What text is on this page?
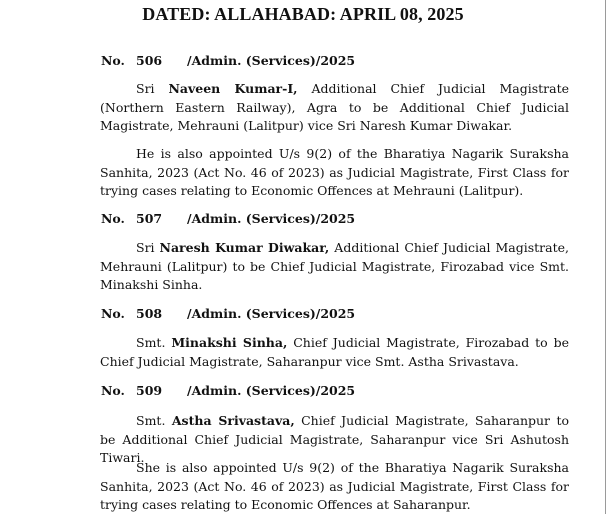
DATED: ALLAHABAD: APRIL 08, 2025
No. 506 /Admin. (Services)/2025

Sri Naveen Kumar-I, Additional Chief Judicial Magistrate (Northern Eastern Railway), Agra to be Additional Chief Judicial Magistrate, Mehrauni (Lalitpur) vice Sri Naresh Kumar Diwakar.

He is also appointed U/s 9(2) of the Bharatiya Nagarik Suraksha Sanhita, 2023 (Act No. 46 of 2023) as Judicial Magistrate, First Class for trying cases relating to Economic Offences at Mehrauni (Lalitpur).

No. 507 /Admin. (Services)/2025

Sri Naresh Kumar Diwakar, Additional Chief Judicial Magistrate, Mehrauni (Lalitpur) to be Chief Judicial Magistrate, Firozabad vice Smt. Minakshi Sinha.

No. 508 /Admin. (Services)/2025

Smt. Minakshi Sinha, Chief Judicial Magistrate, Firozabad to be Chief Judicial Magistrate, Saharanpur vice Smt. Astha Srivastava.

No. 509 /Admin. (Services)/2025

Smt. Astha Srivastava, Chief Judicial Magistrate, Saharanpur to be Additional Chief Judicial Magistrate, Saharanpur vice Sri Ashutosh Tiwari.

She is also appointed U/s 9(2) of the Bharatiya Nagarik Suraksha Sanhita, 2023 (Act No. 46 of 2023) as Judicial Magistrate, First Class for trying cases relating to Economic Offences at Saharanpur.
